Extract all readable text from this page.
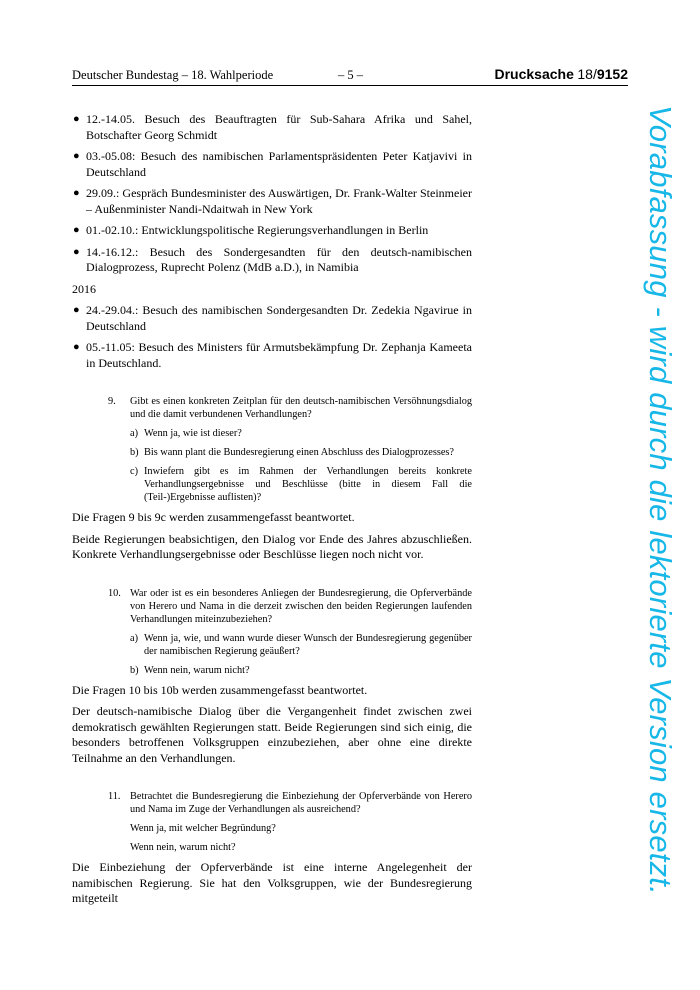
Deutscher Bundestag – 18. Wahlperiode	– 5 –	Drucksache 18/9152
● 12.-14.05. Besuch des Beauftragten für Sub-Sahara Afrika und Sahel, Botschafter Georg Schmidt
● 03.-05.08: Besuch des namibischen Parlamentspräsidenten Peter Katjavivi in Deutschland
● 29.09.: Gespräch Bundesminister des Auswärtigen, Dr. Frank-Walter Steinmeier – Außenminister Nandi-Ndaitwah in New York
● 01.-02.10.: Entwicklungspolitische Regierungsverhandlungen in Berlin
● 14.-16.12.: Besuch des Sondergesandten für den deutsch-namibischen Dialogprozess, Ruprecht Polenz (MdB a.D.), in Namibia
2016
● 24.-29.04.: Besuch des namibischen Sondergesandten Dr. Zedekia Ngavirue in Deutschland
● 05.-11.05: Besuch des Ministers für Armutsbekämpfung Dr. Zephanja Kameeta in Deutschland.
9. Gibt es einen konkreten Zeitplan für den deutsch-namibischen Versöhnungsdialog und die damit verbundenen Verhandlungen?
a) Wenn ja, wie ist dieser?
b) Bis wann plant die Bundesregierung einen Abschluss des Dialogprozesses?
c) Inwiefern gibt es im Rahmen der Verhandlungen bereits konkrete Verhandlungsergebnisse und Beschlüsse (bitte in diesem Fall die (Teil-)Ergebnisse auflisten)?
Die Fragen 9 bis 9c werden zusammengefasst beantwortet.
Beide Regierungen beabsichtigen, den Dialog vor Ende des Jahres abzuschließen. Konkrete Verhandlungsergebnisse oder Beschlüsse liegen noch nicht vor.
10. War oder ist es ein besonderes Anliegen der Bundesregierung, die Opferverbände von Herero und Nama in die derzeit zwischen den beiden Regierungen laufenden Verhandlungen miteinzubeziehen?
a) Wenn ja, wie, und wann wurde dieser Wunsch der Bundesregierung gegenüber der namibischen Regierung geäußert?
b) Wenn nein, warum nicht?
Die Fragen 10 bis 10b werden zusammengefasst beantwortet.
Der deutsch-namibische Dialog über die Vergangenheit findet zwischen zwei demokratisch gewählten Regierungen statt. Beide Regierungen sind sich einig, die besonders betroffenen Volksgruppen einzubeziehen, aber ohne eine direkte Teilnahme an den Verhandlungen.
11. Betrachtet die Bundesregierung die Einbeziehung der Opferverbände von Herero und Nama im Zuge der Verhandlungen als ausreichend?
Wenn ja, mit welcher Begründung?
Wenn nein, warum nicht?
Die Einbeziehung der Opferverbände ist eine interne Angelegenheit der namibischen Regierung. Sie hat den Volksgruppen, wie der Bundesregierung mitgeteilt
Vorabfassung - wird durch die lektorierte Version ersetzt.
